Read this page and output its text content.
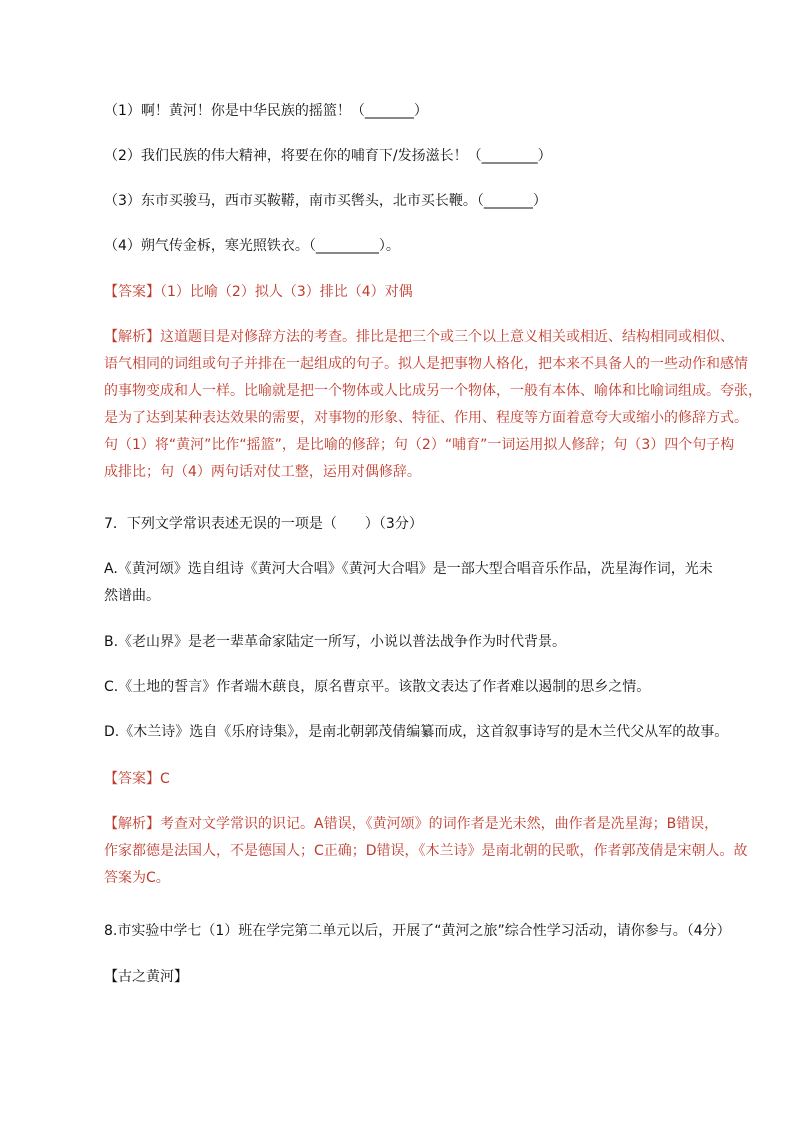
（1）啊！黄河！你是中华民族的摇篮！（_______）
（2）我们民族的伟大精神，将要在你的哺育下/发扬滋长！（________）
（3）东市买骏马，西市买鞍鞯，南市买辔头，北市买长鞭。（_______）
（4）朔气传金柝，寒光照铁衣。（_________）。
【答案】（1）比喻（2）拟人（3）排比（4）对偶
【解析】这道题目是对修辞方法的考查。排比是把三个或三个以上意义相关或相近、结构相同或相似、
语气相同的词组或句子并排在一起组成的句子。拟人是把事物人格化，把本来不具备人的一些动作和感情
的事物变成和人一样。比喻就是把一个物体或人比成另一个物体，一般有本体、喻体和比喻词组成。夸张，
是为了达到某种表达效果的需要，对事物的形象、特征、作用、程度等方面着意夸大或缩小的修辞方式。
句（1）将“黄河”比作“摇篮”，是比喻的修辞；句（2）“哺育”一词运用拟人修辞；句（3）四个句子构
成排比；句（4）两句话对仗工整，运用对偶修辞。
7．下列文学常识表述无误的一项是（　　）（3分）
A.《黄河颂》选自组诗《黄河大合唱》《黄河大合唱》是一部大型合唱音乐作品，冼星海作词，光未
然谱曲。
B.《老山界》是老一辈革命家陆定一所写，小说以普法战争作为时代背景。
C.《土地的誓言》作者端木蕻良，原名曹京平。该散文表达了作者难以遏制的思乡之情。
D.《木兰诗》选自《乐府诗集》，是南北朝郭茂倩编纂而成，这首叙事诗写的是木兰代父从军的故事。
【答案】C
【解析】考查对文学常识的识记。A错误，《黄河颂》的词作者是光未然，曲作者是冼星海；B错误，
作家都德是法国人，不是德国人；C正确；D错误，《木兰诗》是南北朝的民歌，作者郭茂倩是宋朝人。故
答案为C。
8.市实验中学七（1）班在学完第二单元以后，开展了“黄河之旅”综合性学习活动，请你参与。（4分）
【古之黄河】
